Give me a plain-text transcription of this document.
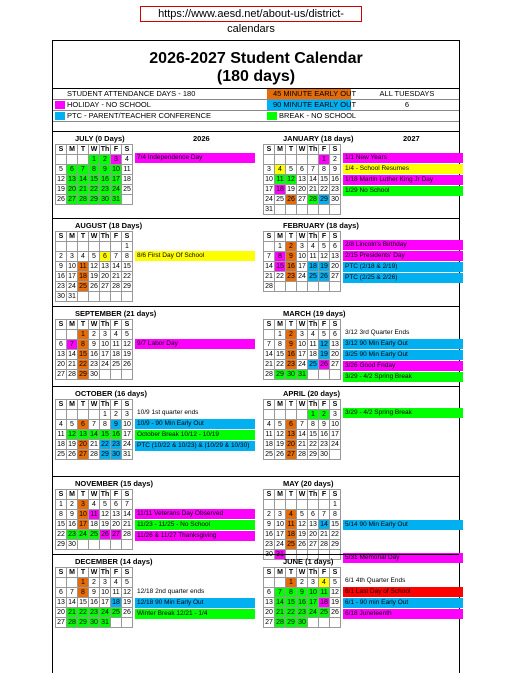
https://www.aesd.net/about-us/district-calendars
2026-2027 Student Calendar
(180 days)
STUDENT ATTENDANCE DAYS - 180	45 MINUTE EARLY OUT	ALL TUESDAYS
HOLIDAY - NO SCHOOL	90 MINUTE EARLY OUT	6
PTC - PARENT/TEACHER CONFERENCE	BREAK - NO SCHOOL
JULY (0 Days)	2026
S	M	T	W	Th	F	S
			1	2	3	4
5	6	7	8	9	10	11
12	13	14	15	16	17	18
19	20	21	22	23	24	25
26	27	28	29	30	31	
7/4 Independence Day
JANUARY (18 days)	2027
S	M	T	W	Th	F	S
					1	2
3	4	5	6	7	8	9
10	11	12	13	14	15	16
17	18	19	20	21	22	23
24	25	26	27	28	29	30
31						
1/1 New Years
1/4 - School Resumes
1/18 Martin Luther King Jr Day
1/29 No School
AUGUST (18 Days)
S	M	T	W	Th	F	S
						1
2	3	4	5	6	7	8
9	10	11	12	13	14	15
16	17	18	19	20	21	22
23	24	25	26	27	28	29
30	31					
8/6 First Day Of School
FEBRUARY (18 days)
S	M	T	W	Th	F	S
	1	2	3	4	5	6
7	8	9	10	11	12	13
14	15	16	17	18	19	20
21	22	23	24	25	26	27
28						
2/8 Lincoln's Birthday
2/15 Presidents' Day
PTC (2/18 & 2/19)
PTC (2/25 & 2/26)
SEPTEMBER (21 days)
S	M	T	W	Th	F	S
		1	2	3	4	5
6	7	8	9	10	11	12
13	14	15	16	17	18	19
20	21	22	23	24	25	26
27	28	29	30			
9/7 Labor Day
MARCH (19 days)
S	M	T	W	Th	F	S
	1	2	3	4	5	6
7	8	9	10	11	12	13
14	15	16	17	18	19	20
21	22	23	24	25	26	27
28	29	30	31			
3/12 3rd Quarter Ends
3/12 90 Min Early Out
3/25 90 Min Early Out
3/26 Good Friday
3/29 - 4/2 Spring Break
OCTOBER (16 days)
S	M	T	W	Th	F	S
				1	2	3
4	5	6	7	8	9	10
11	12	13	14	15	16	17
18	19	20	21	22	23	24
25	26	27	28	29	30	31
10/9 1st quarter ends
10/9 - 90 Min Early Out
October Break 10/12 - 10/19
PTC (10/22 & 10/23) & (10/29 & 10/30)
APRIL (20 days)
S	M	T	W	Th	F	S
				1	2	3
4	5	6	7	8	9	10
11	12	13	14	15	16	17
18	19	20	21	22	23	24
25	26	27	28	29	30	
3/29 - 4/2 Spring Break
NOVEMBER (15 days)
S	M	T	W	Th	F	S
1	2	3	4	5	6	7
8	9	10	11	12	13	14
15	16	17	18	19	20	21
22	23	24	25	26	27	28
29	30					
11/11 Veterans Day Observed
11/23 - 11/25 - No School
11/26 & 11/27 Thanksgiving
MAY (20 days)
S	M	T	W	Th	F	S
						1
2	3	4	5	6	7	8
9	10	11	12	13	14	15
16	17	18	19	20	21	22
23	24	25	26	27	28	29
30	31					
5/14 90 Min Early Out
5/31 Memorial Day
DECEMBER (14 days)
S	M	T	W	Th	F	S
		1	2	3	4	5
6	7	8	9	10	11	12
13	14	15	16	17	18	19
20	21	22	23	24	25	26
27	28	29	30	31		
12/18 2nd quarter ends
12/18 90 Min Early Out
Winter Break 12/21 - 1/4
JUNE (1 days)
S	M	T	W	Th	F	S
		1	2	3	4	5
6	7	8	9	10	11	12
13	14	15	16	17	18	19
20	21	22	23	24	25	26
27	28	29	30			
6/1 4th Quarter Ends
6/1 Last Day of School
6/1 - 90 min Early Out
6/18 Juneteenth
